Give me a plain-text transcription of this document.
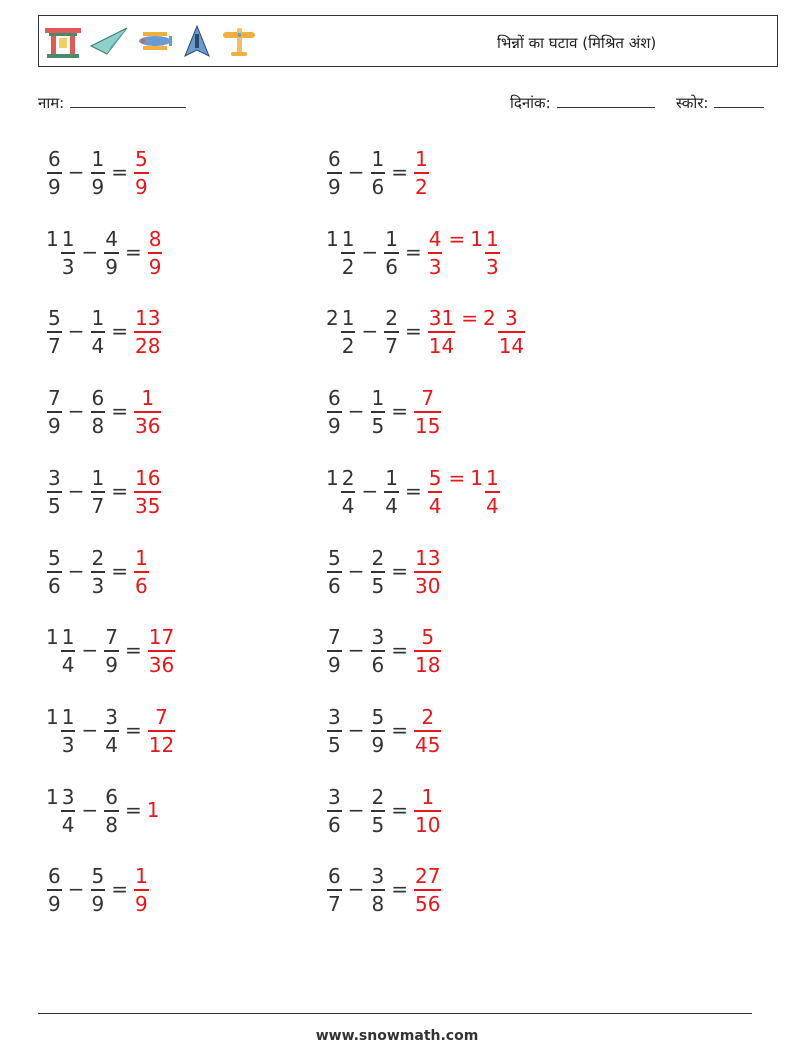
भिन्नों का घटाव (मिश्रित अंश)
नाम:	दिनांक:	स्कोर:
$\frac{6}{9} - \frac{1}{9} = \frac{5}{9}$	$\frac{6}{9} - \frac{1}{6} = \frac{1}{2}$
$1 \frac{1}{3} - \frac{4}{9} = \frac{8}{9}$	$1 \frac{1}{2} - \frac{1}{6} = \frac{4}{3} = 1 \frac{1}{3}$
$\frac{5}{7} - \frac{1}{4} = \frac{13}{28}$	$2 \frac{1}{2} - \frac{2}{7} = \frac{31}{14} = 2 \frac{3}{14}$
$\frac{7}{9} - \frac{6}{8} = \frac{1}{36}$	$\frac{6}{9} - \frac{1}{5} = \frac{7}{15}$
$\frac{3}{5} - \frac{1}{7} = \frac{16}{35}$	$1 \frac{2}{4} - \frac{1}{4} = \frac{5}{4} = 1 \frac{1}{4}$
$\frac{5}{6} - \frac{2}{3} = \frac{1}{6}$	$\frac{5}{6} - \frac{2}{5} = \frac{13}{30}$
$1 \frac{1}{4} - \frac{7}{9} = \frac{17}{36}$	$\frac{7}{9} - \frac{3}{6} = \frac{5}{18}$
$1 \frac{1}{3} - \frac{3}{4} = \frac{7}{12}$	$\frac{3}{5} - \frac{5}{9} = \frac{2}{45}$
$1 \frac{3}{4} - \frac{6}{8} = 1$	$\frac{3}{6} - \frac{2}{5} = \frac{1}{10}$
$\frac{6}{9} - \frac{5}{9} = \frac{1}{9}$	$\frac{6}{7} - \frac{3}{8} = \frac{27}{56}$
www.snowmath.com
